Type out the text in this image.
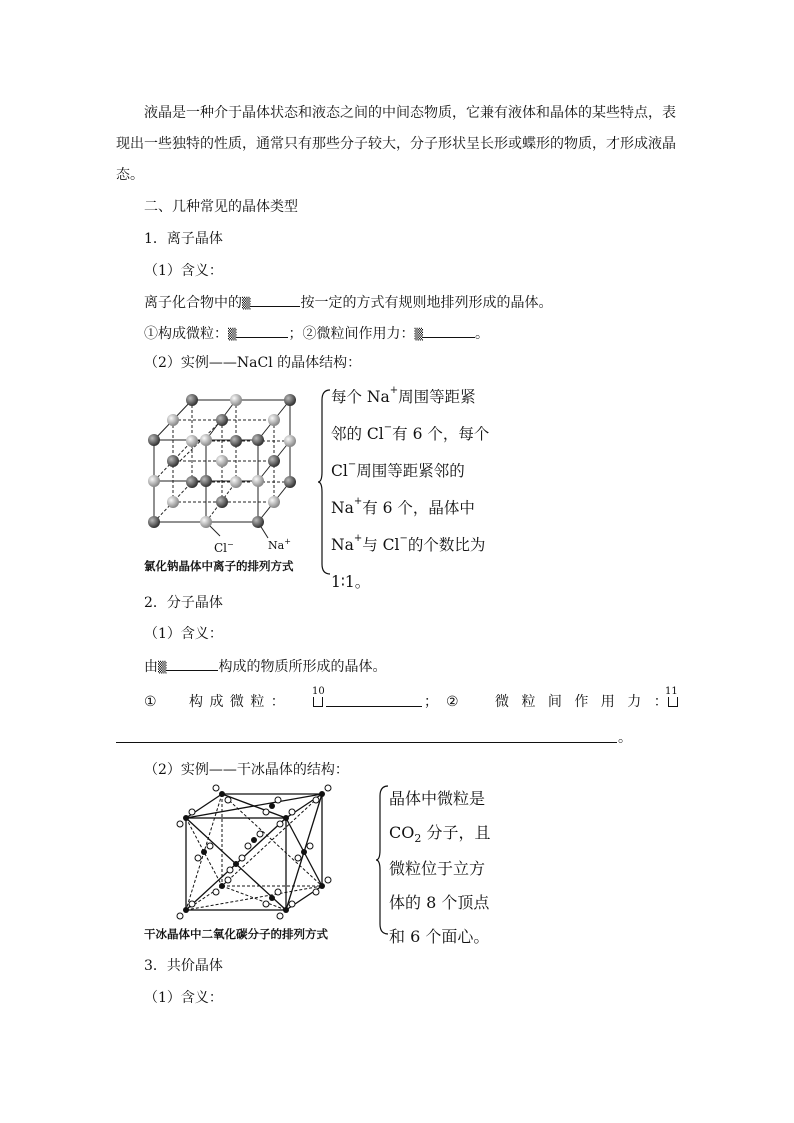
液晶是一种介于晶体状态和液态之间的中间态物质，它兼有液体和晶体的某些特点，表
现出一些独特的性质，通常只有那些分子较大，分子形状呈长形或蝶形的物质，才形成液晶
态。
二、几种常见的晶体类型
1．离子晶体
（1）含义：
离子化合物中的▒	按一定的方式有规则地排列形成的晶体。
①构成微粒：▒	；②微粒间作用力：▒	。
（2）实例——NaCl 的晶体结构：
Cl−	Na+
氯化钠晶体中离子的排列方式
每个 Na+周围等距紧
邻的 Cl−有 6 个，每个
Cl−周围等距紧邻的
Na+有 6 个，晶体中
Na+与 Cl−的个数比为
1∶1。
2．分子晶体
（1）含义：
由▒	构成的物质所形成的晶体。
① 构 成 微 粒 ：
10
； ②	微 粒 间 作 用 力 ：
11
。
（2）实例——干冰晶体的结构：
干冰晶体中二氧化碳分子的排列方式
晶体中微粒是
$CO_2$ 分子，且
微粒位于立方
体的 8 个顶点
和 6 个面心。
3．共价晶体
（1）含义：
